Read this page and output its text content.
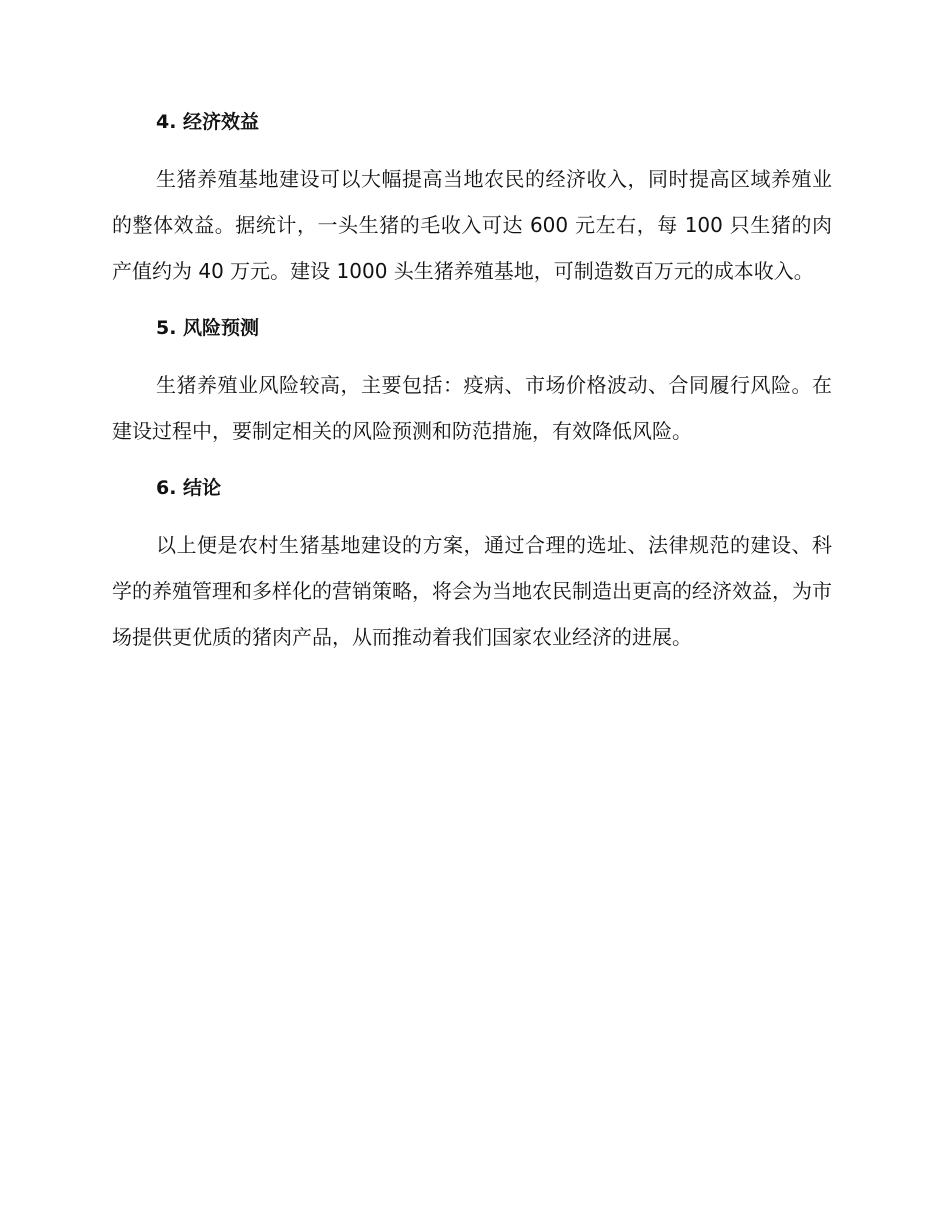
4. 经济效益

生猪养殖基地建设可以大幅提高当地农民的经济收入，同时提高区域养殖业的整体效益。据统计，一头生猪的毛收入可达 600 元左右，每 100 只生猪的肉产值约为 40 万元。建设 1000 头生猪养殖基地，可制造数百万元的成本收入。

5. 风险预测

生猪养殖业风险较高，主要包括：疫病、市场价格波动、合同履行风险。在建设过程中，要制定相关的风险预测和防范措施，有效降低风险。

6. 结论

以上便是农村生猪基地建设的方案，通过合理的选址、法律规范的建设、科学的养殖管理和多样化的营销策略，将会为当地农民制造出更高的经济效益，为市场提供更优质的猪肉产品，从而推动着我们国家农业经济的进展。
